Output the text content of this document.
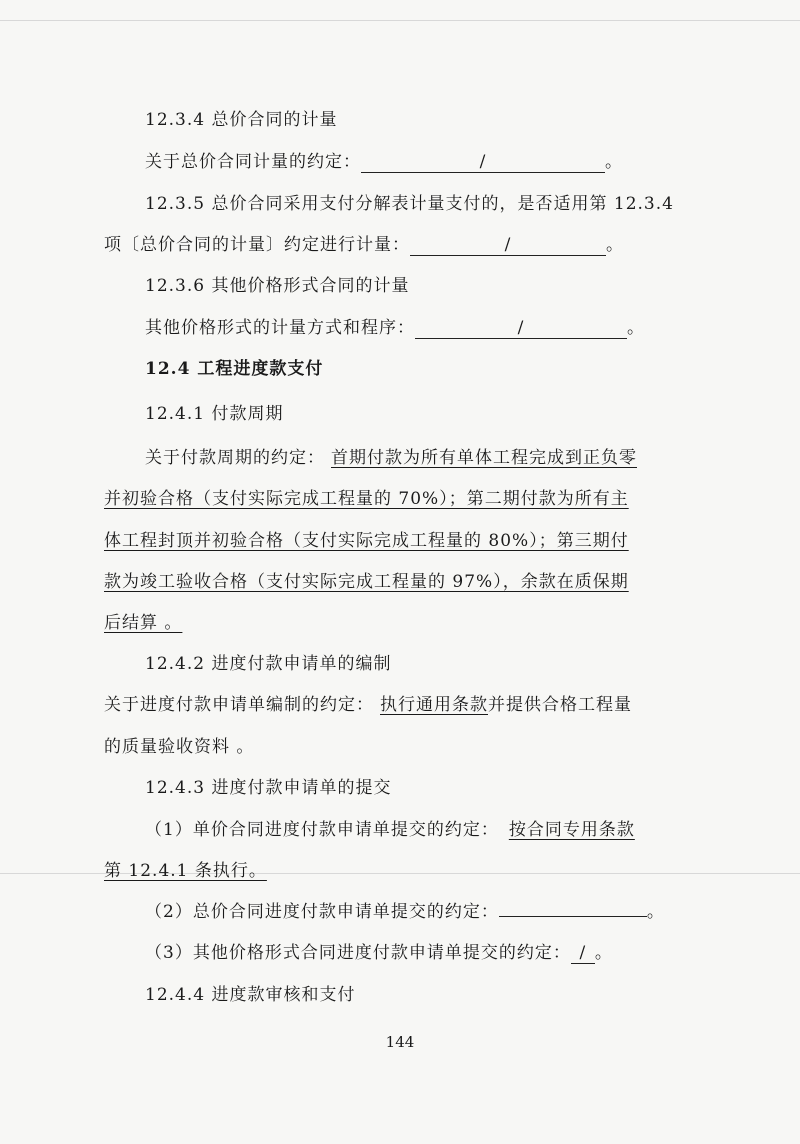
12.3.4 总价合同的计量
关于总价合同计量的约定：	/	。
12.3.5 总价合同采用支付分解表计量支付的，是否适用第 12.3.4
项〔总价合同的计量〕约定进行计量：	/	。
12.3.6 其他价格形式合同的计量
其他价格形式的计量方式和程序：	/	。
12.4 工程进度款支付
12.4.1 付款周期
关于付款周期的约定： 首期付款为所有单体工程完成到正负零
并初验合格（支付实际完成工程量的 70%）；第二期付款为所有主
体工程封顶并初验合格（支付实际完成工程量的 80%）；第三期付
款为竣工验收合格（支付实际完成工程量的 97%），余款在质保期
后结算 。
12.4.2 进度付款申请单的编制
关于进度付款申请单编制的约定： 执行通用条款并提供合格工程量
的质量验收资料 。
12.4.3 进度付款申请单的提交
（1）单价合同进度付款申请单提交的约定： 按合同专用条款
第 12.4.1 条执行。
（2）总价合同进度付款申请单提交的约定：	。
（3）其他价格形式合同进度付款申请单提交的约定： / 。
12.4.4 进度款审核和支付
144
